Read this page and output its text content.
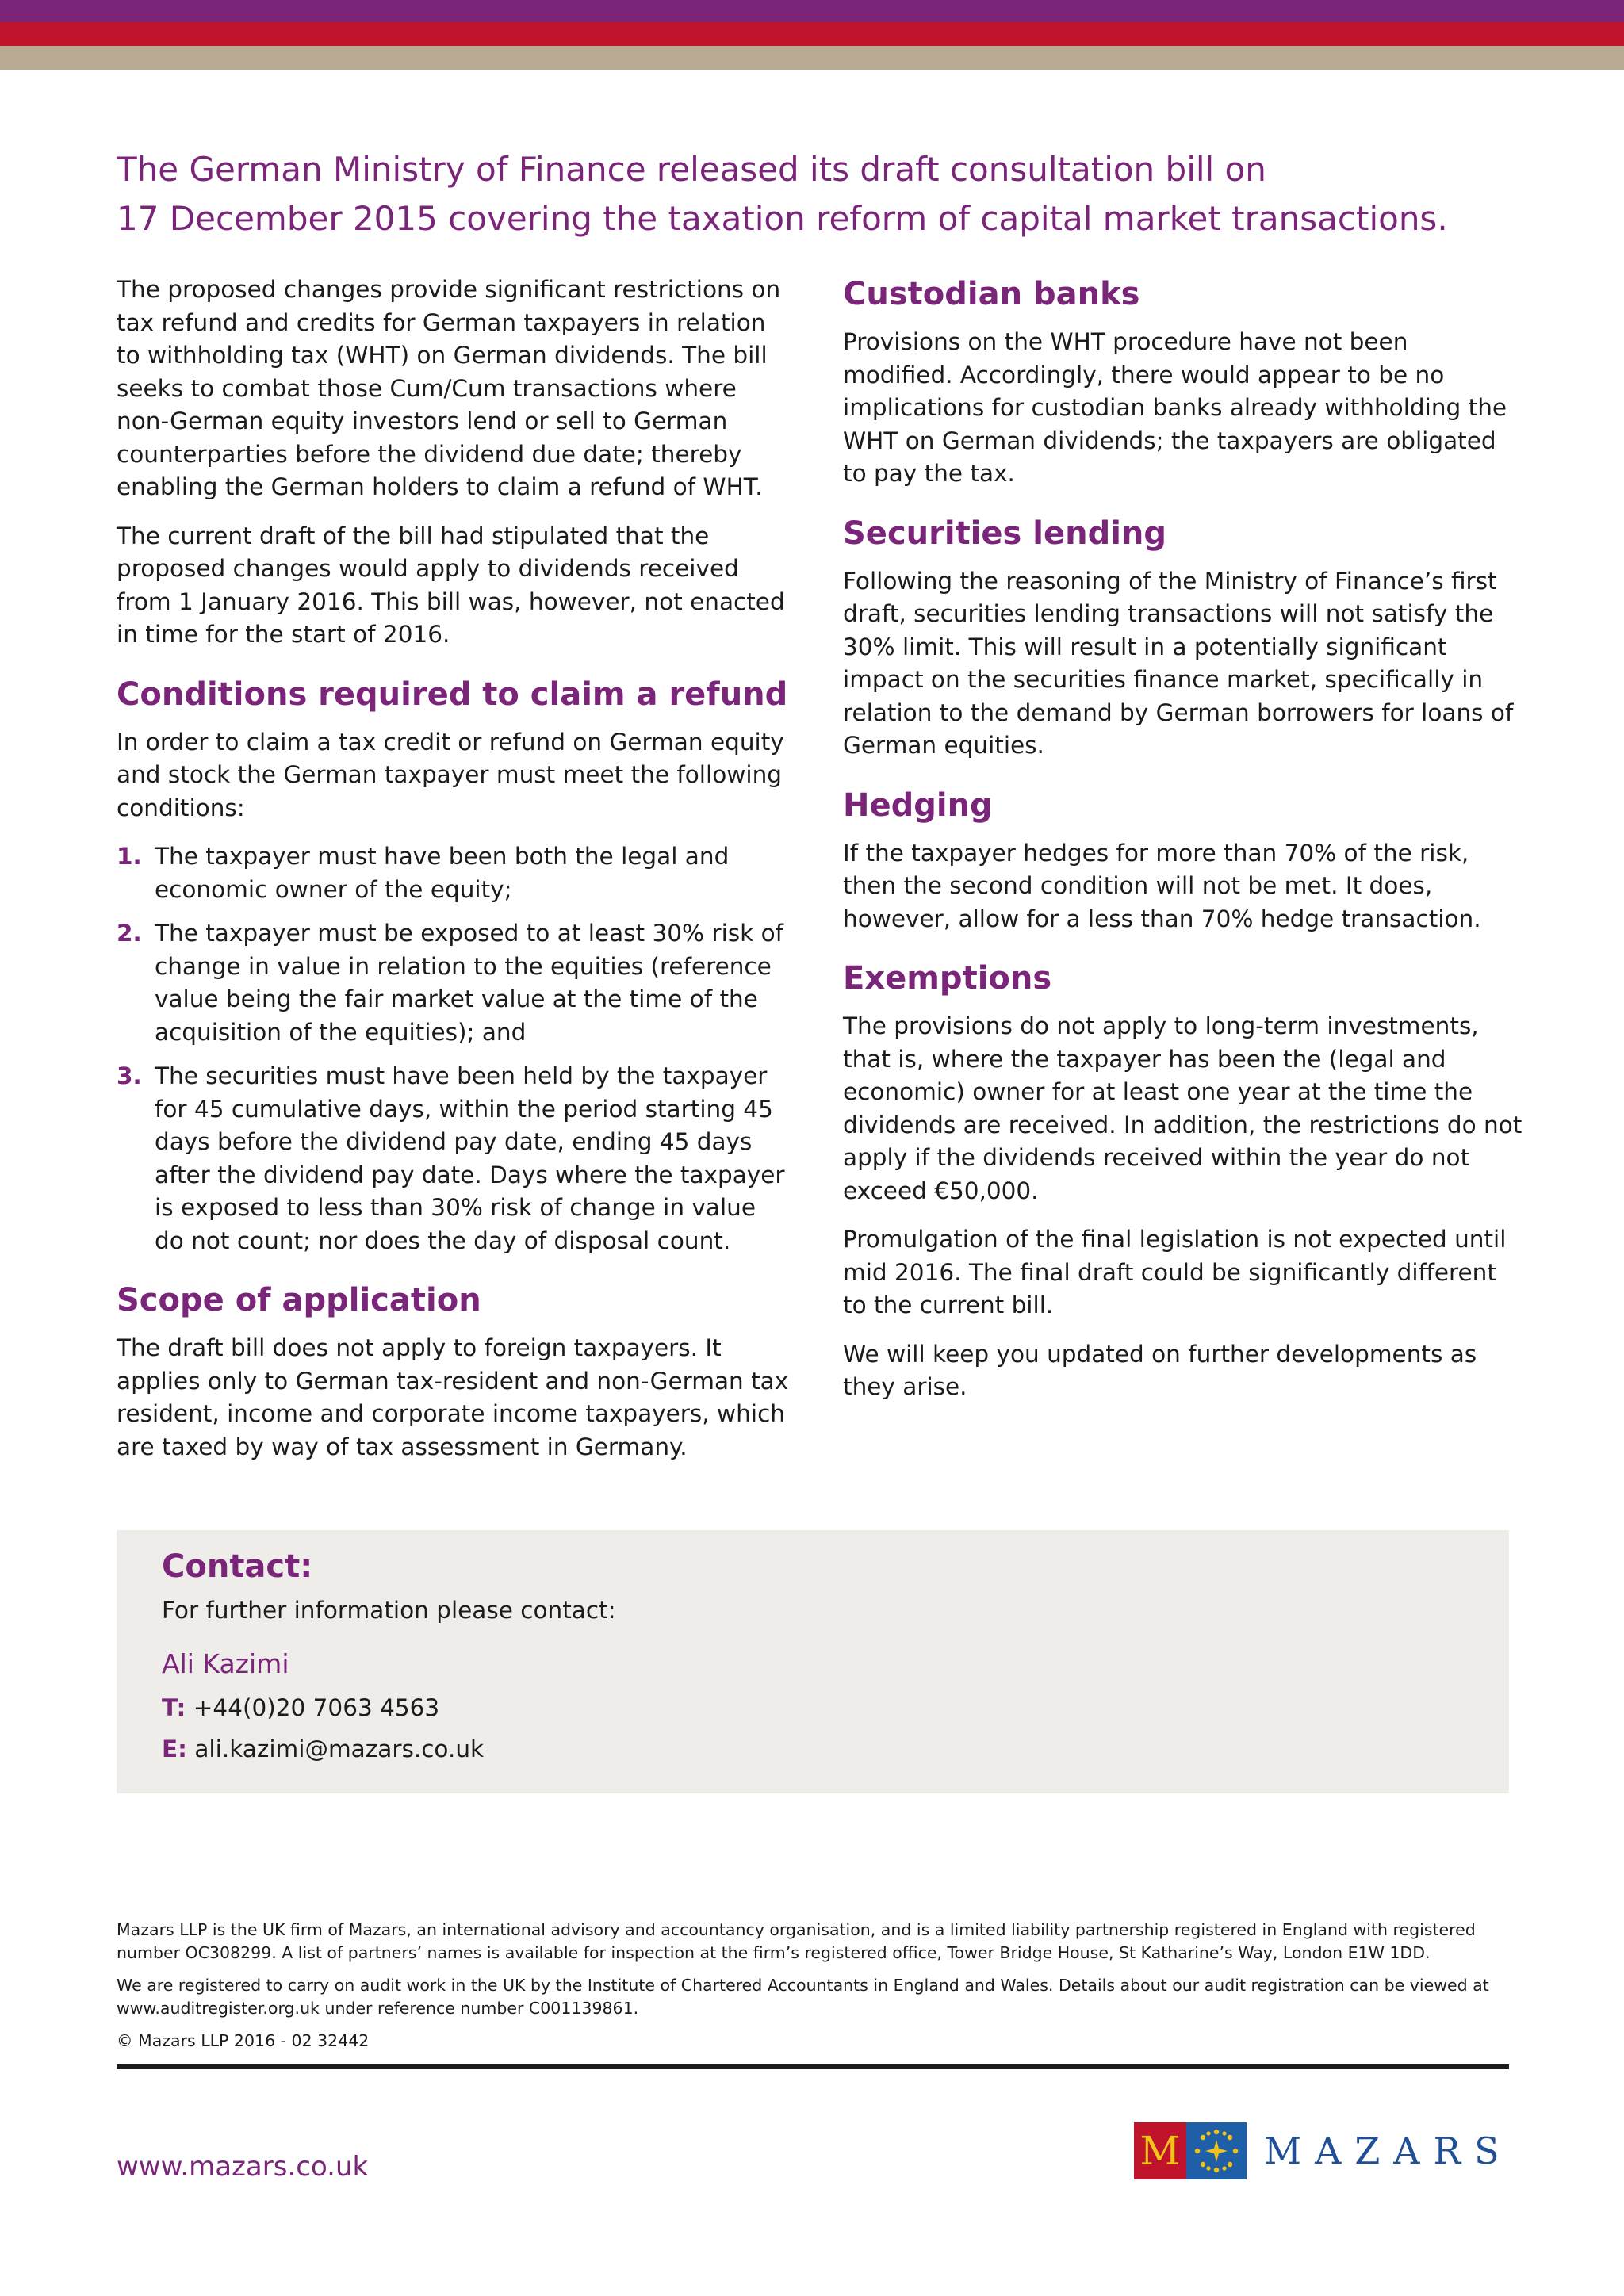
The German Ministry of Finance released its draft consultation bill on
17 December 2015 covering the taxation reform of capital market transactions.

The proposed changes provide significant restrictions on tax refund and credits for German taxpayers in relation to withholding tax (WHT) on German dividends. The bill seeks to combat those Cum/Cum transactions where non-German equity investors lend or sell to German counterparties before the dividend due date; thereby enabling the German holders to claim a refund of WHT.

The current draft of the bill had stipulated that the proposed changes would apply to dividends received from 1 January 2016. This bill was, however, not enacted in time for the start of 2016.

Conditions required to claim a refund

In order to claim a tax credit or refund on German equity and stock the German taxpayer must meet the following conditions:

1. The taxpayer must have been both the legal and economic owner of the equity;
2. The taxpayer must be exposed to at least 30% risk of change in value in relation to the equities (reference value being the fair market value at the time of the acquisition of the equities); and
3. The securities must have been held by the taxpayer for 45 cumulative days, within the period starting 45 days before the dividend pay date, ending 45 days after the dividend pay date. Days where the taxpayer is exposed to less than 30% risk of change in value do not count; nor does the day of disposal count.
Scope of application

The draft bill does not apply to foreign taxpayers. It applies only to German tax-resident and non-German tax resident, income and corporate income taxpayers, which are taxed by way of tax assessment in Germany.

Custodian banks

Provisions on the WHT procedure have not been modified. Accordingly, there would appear to be no implications for custodian banks already withholding the WHT on German dividends; the taxpayers are obligated to pay the tax.

Securities lending

Following the reasoning of the Ministry of Finance’s first draft, securities lending transactions will not satisfy the 30% limit. This will result in a potentially significant impact on the securities finance market, specifically in relation to the demand by German borrowers for loans of German equities.

Hedging

If the taxpayer hedges for more than 70% of the risk, then the second condition will not be met. It does, however, allow for a less than 70% hedge transaction.

Exemptions

The provisions do not apply to long-term investments, that is, where the taxpayer has been the (legal and economic) owner for at least one year at the time the dividends are received. In addition, the restrictions do not apply if the dividends received within the year do not exceed €50,000.

Promulgation of the final legislation is not expected until mid 2016. The final draft could be significantly different to the current bill.

We will keep you updated on further developments as they arise.

Contact:

For further information please contact:

Ali Kazimi

T: +44(0)20 7063 4563

E: ali.kazimi@mazars.co.uk

Mazars LLP is the UK firm of Mazars, an international advisory and accountancy organisation, and is a limited liability partnership registered in England with registered number OC308299. A list of partners’ names is available for inspection at the firm’s registered office, Tower Bridge House, St Katharine’s Way, London E1W 1DD.

We are registered to carry on audit work in the UK by the Institute of Chartered Accountants in England and Wales. Details about our audit registration can be viewed at www.auditregister.org.uk under reference number C001139861.

© Mazars LLP 2016 - 02 32442

www.mazars.co.uk	M MAZARS
